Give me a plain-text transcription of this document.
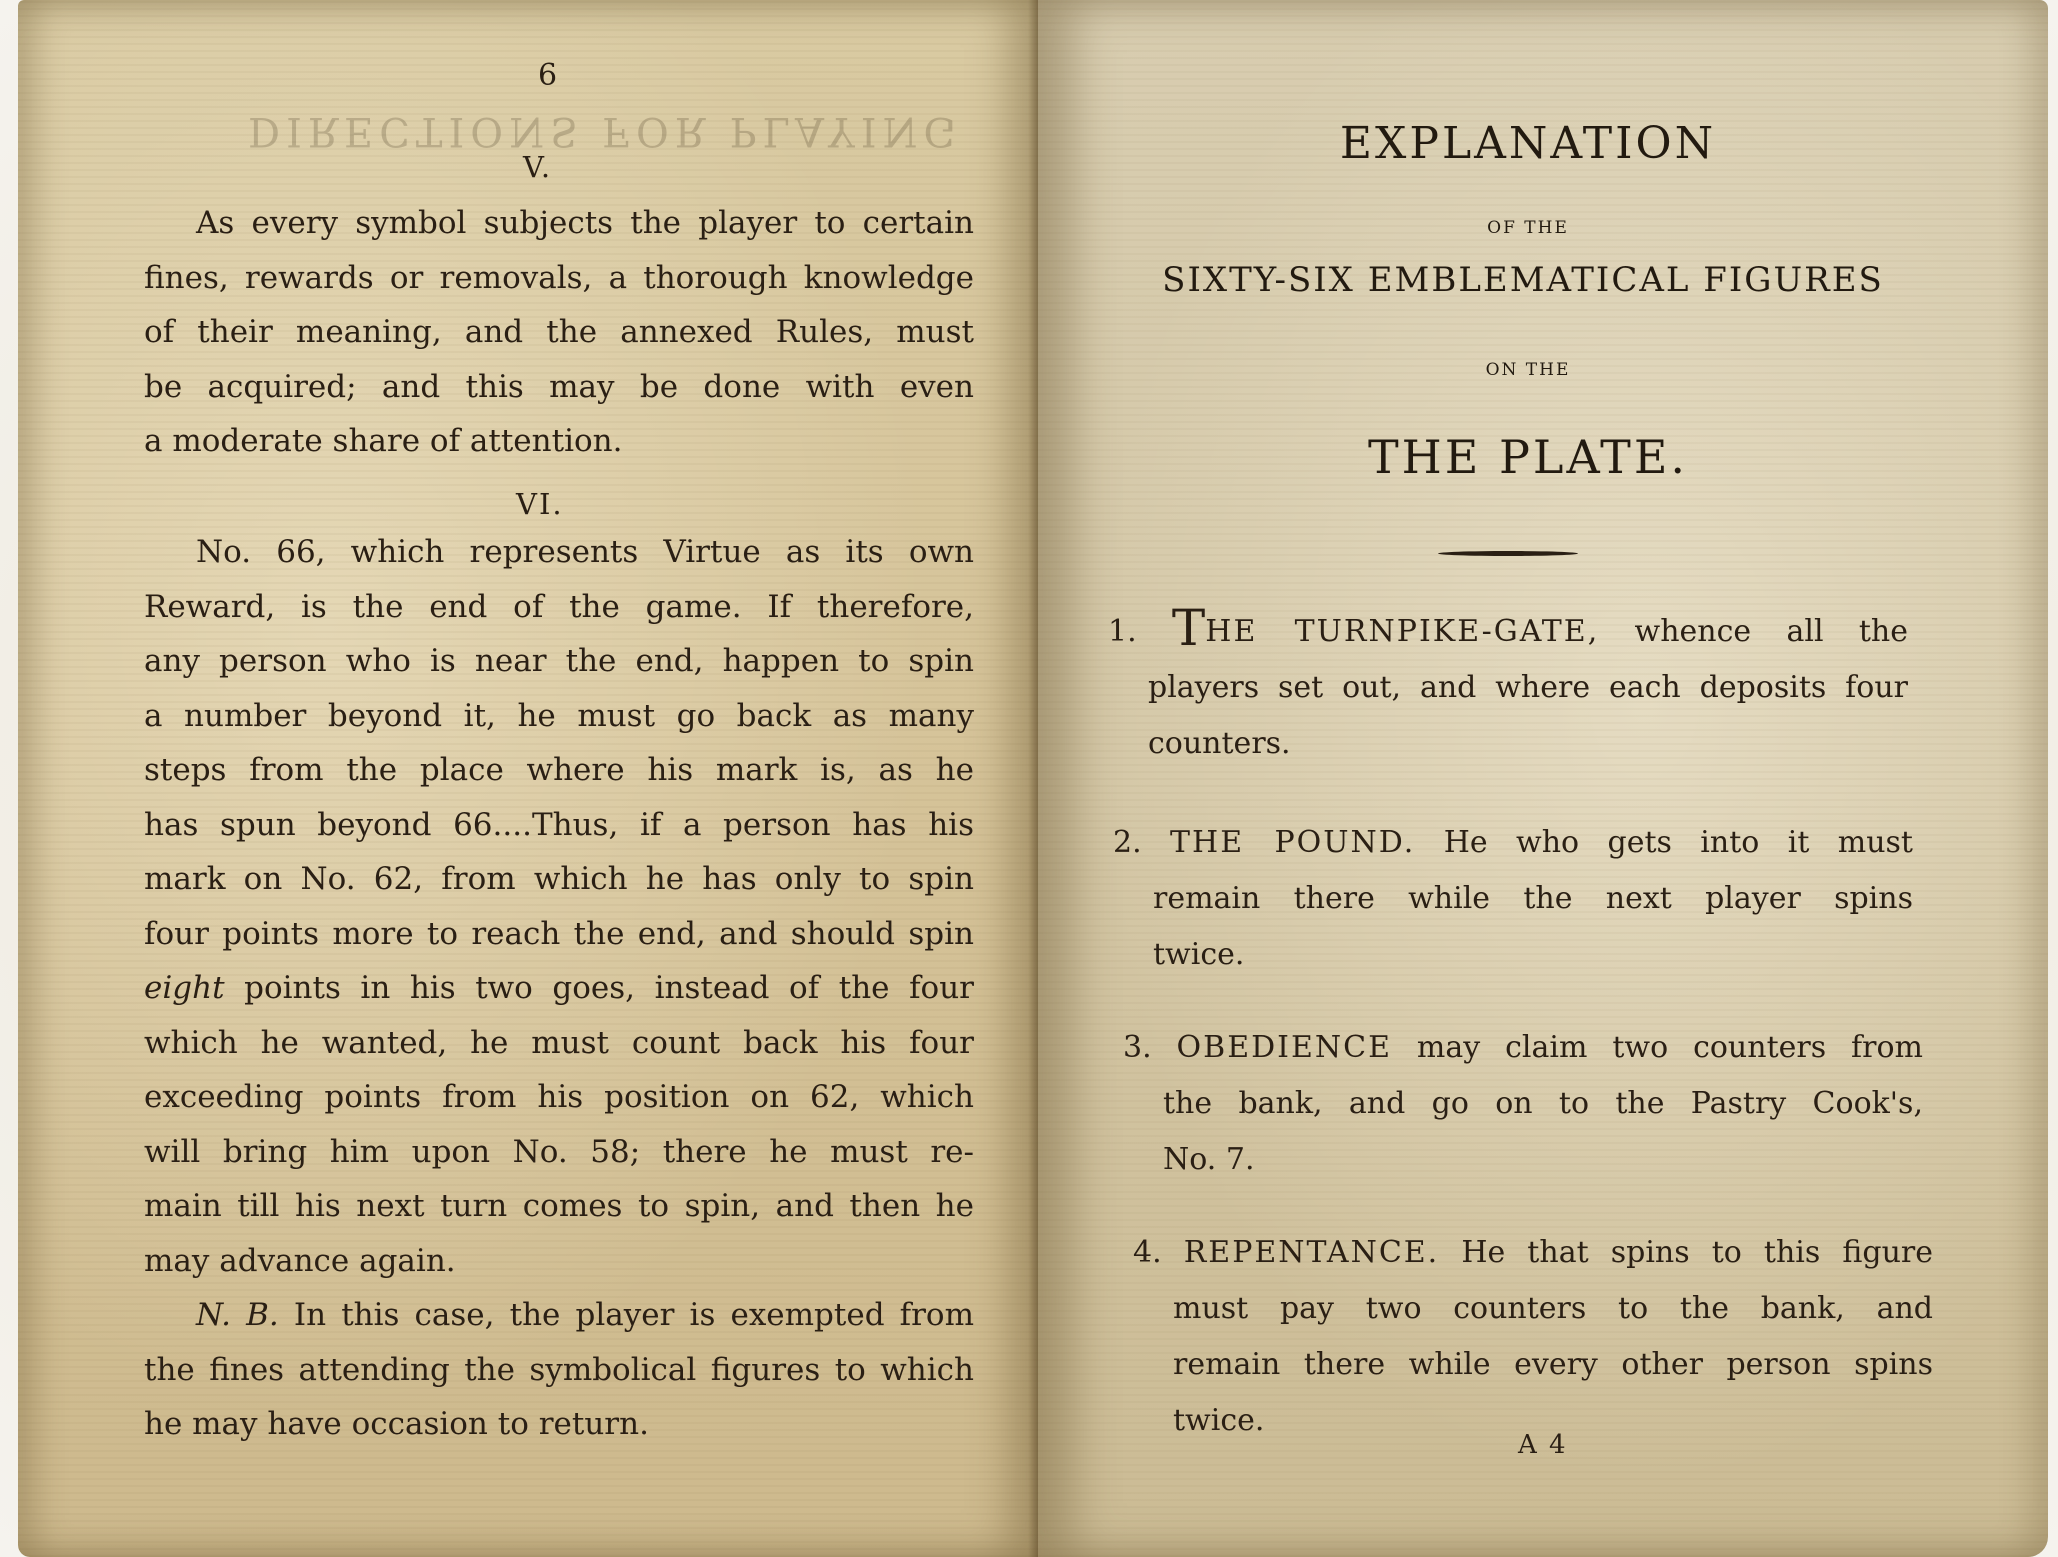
DIRECTIONS FOR PLAYING
6
V.
As every symbol subjects the player to certain
fines, rewards or removals, a thorough knowledge
of their meaning, and the annexed Rules, must
be acquired; and this may be done with even
a moderate share of attention.
VI.
No. 66, which represents Virtue as its own
Reward, is the end of the game. If therefore,
any person who is near the end, happen to spin
a number beyond it, he must go back as many
steps from the place where his mark is, as he
has spun beyond 66....Thus, if a person has his
mark on No. 62, from which he has only to spin
four points more to reach the end, and should spin
eight points in his two goes, instead of the four
which he wanted, he must count back his four
exceeding points from his position on 62, which
will bring him upon No. 58; there he must re-
main till his next turn comes to spin, and then he
may advance again.
N. B. In this case, the player is exempted from
the fines attending the symbolical figures to which
he may have occasion to return.
EXPLANATION
OF THE
SIXTY-SIX EMBLEMATICAL FIGURES
ON THE
THE PLATE.
1. THE TURNPIKE-GATE, whence all the
players set out, and where each deposits four
counters.
2. THE POUND. He who gets into it must
remain there while the next player spins
twice.
3. OBEDIENCE may claim two counters from
the bank, and go on to the Pastry Cook's,
No. 7.
4. REPENTANCE. He that spins to this figure
must pay two counters to the bank, and
remain there while every other person spins
twice.
A 4
